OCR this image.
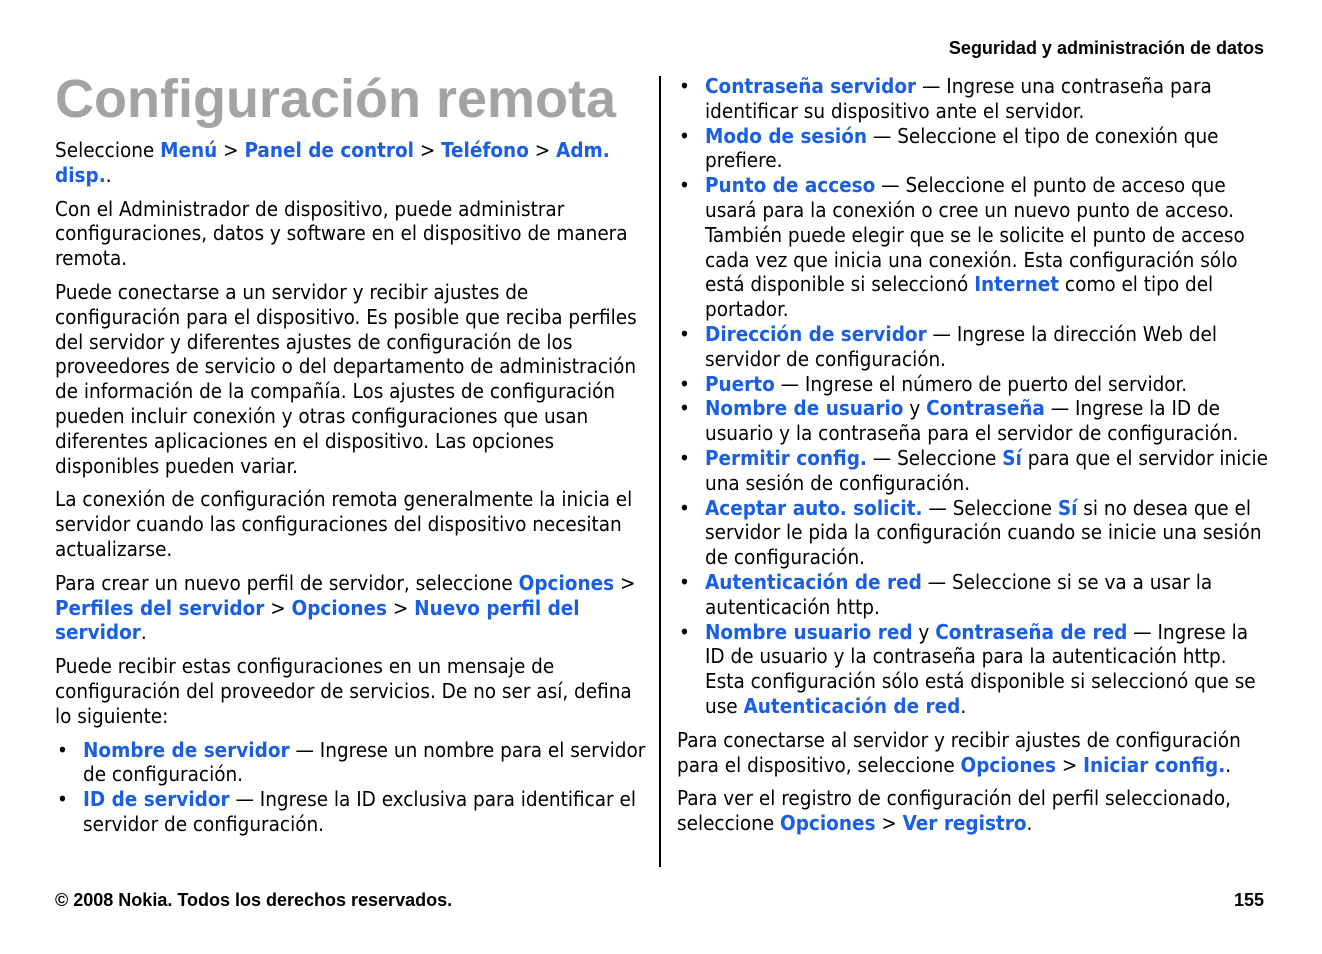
Seguridad y administración de datos
Configuración remota

Seleccione Menú > Panel de control > Teléfono > Adm. disp..

Con el Administrador de dispositivo, puede administrar configuraciones, datos y software en el dispositivo de manera remota.

Puede conectarse a un servidor y recibir ajustes de configuración para el dispositivo. Es posible que reciba perfiles del servidor y diferentes ajustes de configuración de los proveedores de servicio o del departamento de administración de información de la compañía. Los ajustes de configuración pueden incluir conexión y otras configuraciones que usan diferentes aplicaciones en el dispositivo. Las opciones disponibles pueden variar.

La conexión de configuración remota generalmente la inicia el servidor cuando las configuraciones del dispositivo necesitan actualizarse.

Para crear un nuevo perfil de servidor, seleccione Opciones > Perfiles del servidor > Opciones > Nuevo perfil del servidor.

Puede recibir estas configuraciones en un mensaje de configuración del proveedor de servicios. De no ser así, defina lo siguiente:

• Nombre de servidor — Ingrese un nombre para el servidor de configuración.
• ID de servidor — Ingrese la ID exclusiva para identificar el servidor de configuración.
• Contraseña servidor — Ingrese una contraseña para identificar su dispositivo ante el servidor.
• Modo de sesión — Seleccione el tipo de conexión que prefiere.
• Punto de acceso — Seleccione el punto de acceso que usará para la conexión o cree un nuevo punto de acceso. También puede elegir que se le solicite el punto de acceso cada vez que inicia una conexión. Esta configuración sólo está disponible si seleccionó Internet como el tipo del portador.
• Dirección de servidor — Ingrese la dirección Web del servidor de configuración.
• Puerto — Ingrese el número de puerto del servidor.
• Nombre de usuario y Contraseña — Ingrese la ID de usuario y la contraseña para el servidor de configuración.
• Permitir config. — Seleccione Sí para que el servidor inicie una sesión de configuración.
• Aceptar auto. solicit. — Seleccione Sí si no desea que el servidor le pida la configuración cuando se inicie una sesión de configuración.
• Autenticación de red — Seleccione si se va a usar la autenticación http.
• Nombre usuario red y Contraseña de red — Ingrese la ID de usuario y la contraseña para la autenticación http. Esta configuración sólo está disponible si seleccionó que se use Autenticación de red.

Para conectarse al servidor y recibir ajustes de configuración para el dispositivo, seleccione Opciones > Iniciar config..

Para ver el registro de configuración del perfil seleccionado, seleccione Opciones > Ver registro.

© 2008 Nokia. Todos los derechos reservados.	155
